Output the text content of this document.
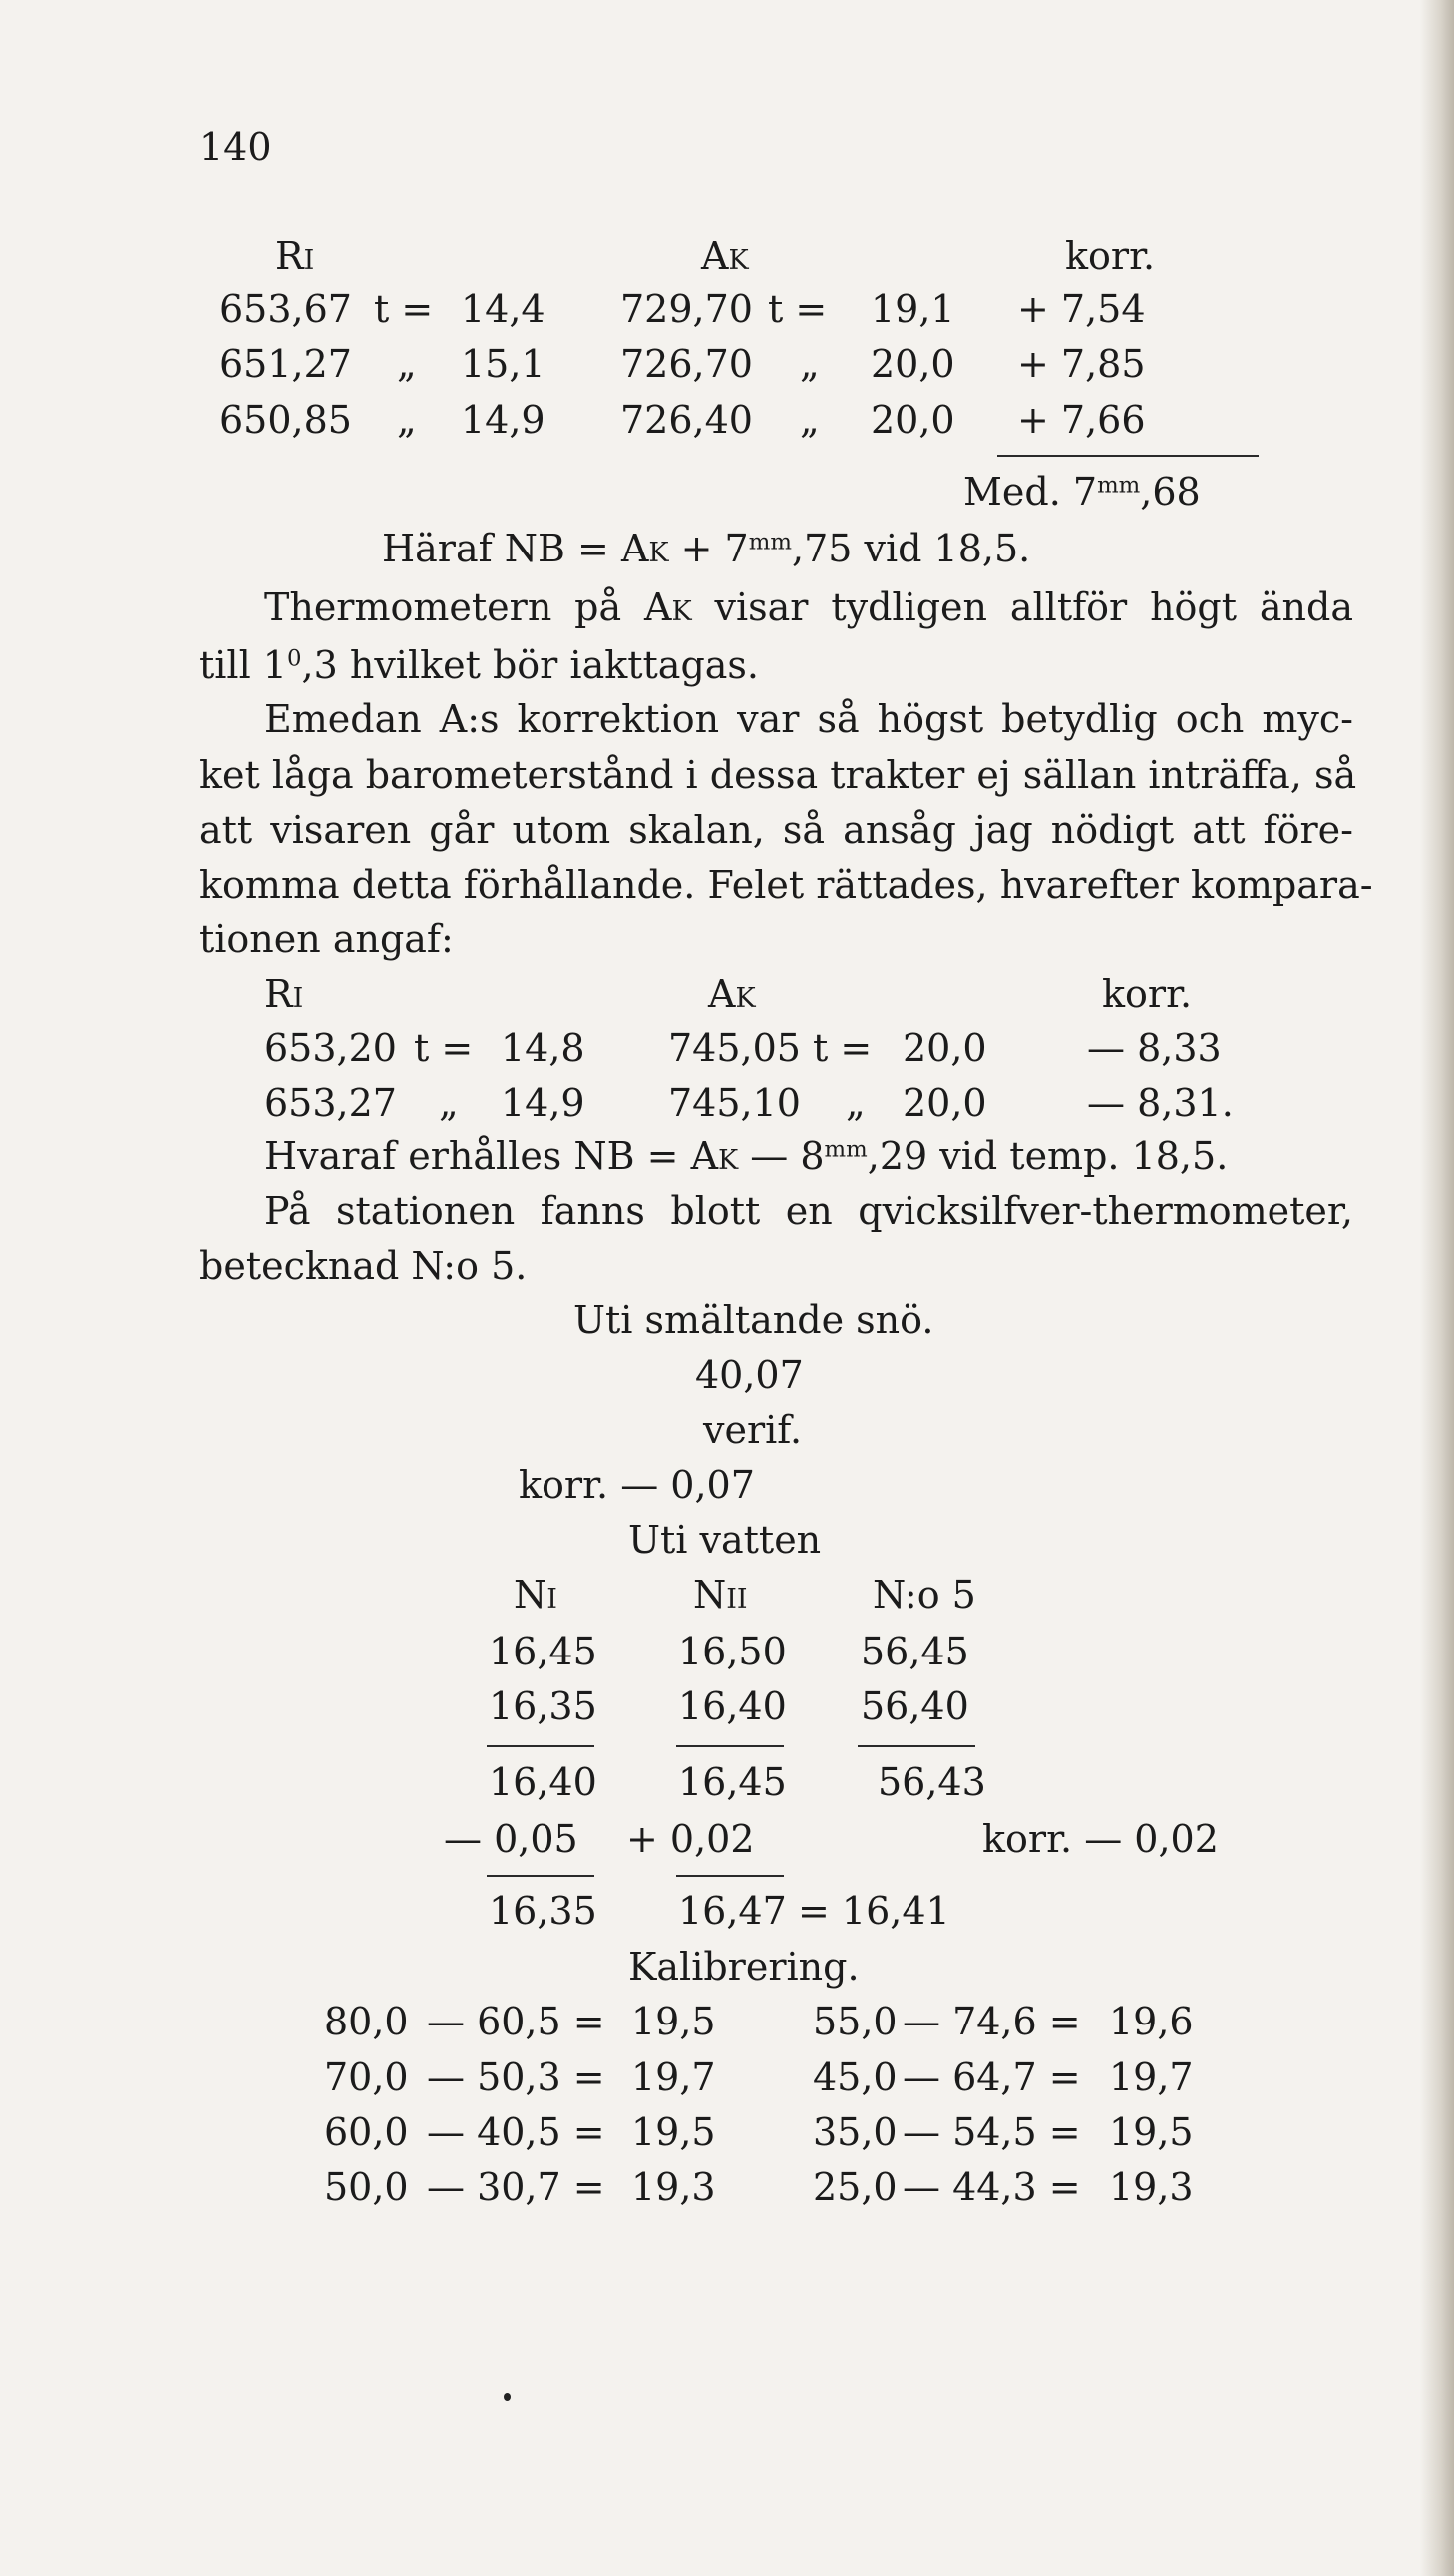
140
Ri	Ak	korr.
653,67 t = 14,4 729,70 t = 19,1 + 7,54
651,27 „ 15,1 726,70 „ 20,0 + 7,85
650,85 „ 14,9 726,40 „ 20,0 + 7,66
Med. $7^{mm},68$
Häraf NB = $Ak + 7^{mm},75$ vid 18,5.
Thermometern på Ak visar tydligen alltför högt ända
till $1^0,3$ hvilket bör iakttagas.
Emedan A:s korrektion var så högst betydlig och myc-
ket låga barometerstånd i dessa trakter ej sällan inträffa, så
att visaren går utom skalan, så ansåg jag nödigt att före-
komma detta förhållande. Felet rättades, hvarefter kompara-
tionen angaf:
Ri	Ak	korr.
653,20 t = 14,8 745,05 t = 20,0	— 8,33
653,27 „ 14,9 745,10 „ 20,0	— 8,31.
Hvaraf erhålles NB = Ak — $8^{mm},29$ vid temp. 18,5.
På stationen fanns blott en qvicksilfver-thermometer,
betecknad N:o 5.
Uti smältande snö.
40,07
verif.
korr. — 0,07
Uti vatten
Ni	Nii	N:o 5
16,45 16,50 56,45
16,35 16,40 56,40
16,40 16,45 56,43
— 0,05 + 0,02	korr. — 0,02
16,35 16,47 = 16,41
Kalibrering.
80,0 — 60,5 = 19,5	55,0 — 74,6 = 19,6
70,0 — 50,3 = 19,7	45,0 — 64,7 = 19,7
60,0 — 40,5 = 19,5	35,0 — 54,5 = 19,5
50,0 — 30,7 = 19,3	25,0 — 44,3 = 19,3
